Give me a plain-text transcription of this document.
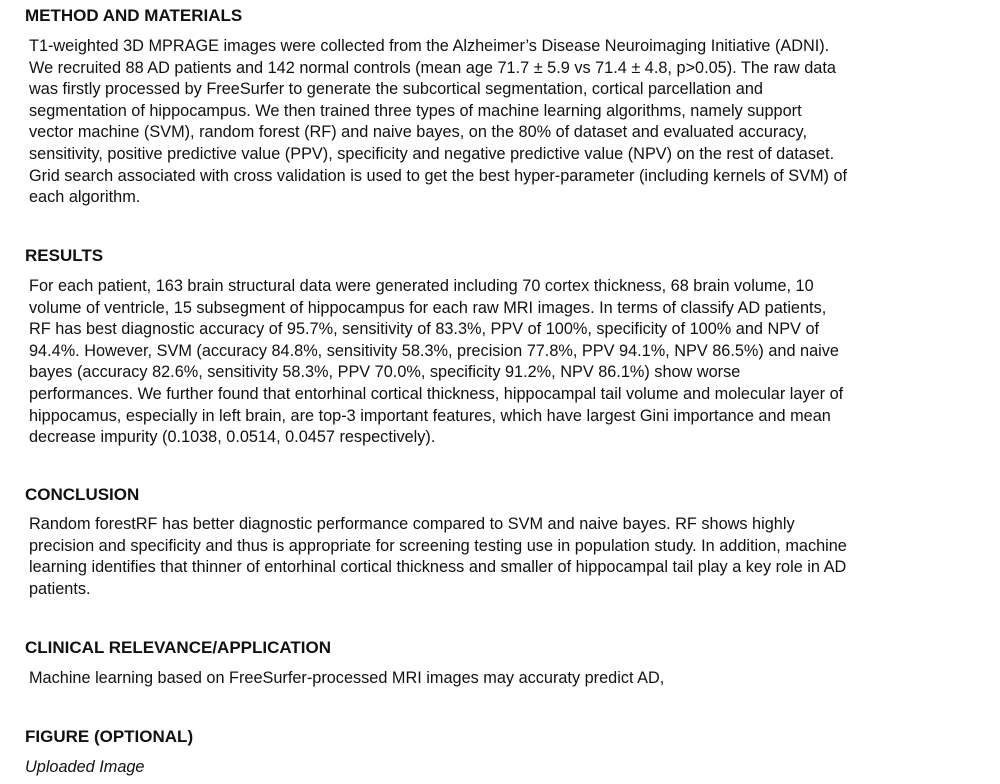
METHOD AND MATERIALS
T1-weighted 3D MPRAGE images were collected from the Alzheimer’s Disease Neuroimaging Initiative (ADNI).
We recruited 88 AD patients and 142 normal controls (mean age 71.7 ± 5.9 vs 71.4 ± 4.8, p>0.05). The raw data
was firstly processed by FreeSurfer to generate the subcortical segmentation, cortical parcellation and
segmentation of hippocampus. We then trained three types of machine learning algorithms, namely support
vector machine (SVM), random forest (RF) and naive bayes, on the 80% of dataset and evaluated accuracy,
sensitivity, positive predictive value (PPV), specificity and negative predictive value (NPV) on the rest of dataset.
Grid search associated with cross validation is used to get the best hyper-parameter (including kernels of SVM) of
each algorithm.
RESULTS
For each patient, 163 brain structural data were generated including 70 cortex thickness, 68 brain volume, 10
volume of ventricle, 15 subsegment of hippocampus for each raw MRI images. In terms of classify AD patients,
RF has best diagnostic accuracy of 95.7%, sensitivity of 83.3%, PPV of 100%, specificity of 100% and NPV of
94.4%. However, SVM (accuracy 84.8%, sensitivity 58.3%, precision 77.8%, PPV 94.1%, NPV 86.5%) and naive
bayes (accuracy 82.6%, sensitivity 58.3%, PPV 70.0%, specificity 91.2%, NPV 86.1%) show worse
performances. We further found that entorhinal cortical thickness, hippocampal tail volume and molecular layer of
hippocamus, especially in left brain, are top-3 important features, which have largest Gini importance and mean
decrease impurity (0.1038, 0.0514, 0.0457 respectively).
CONCLUSION
Random forestRF has better diagnostic performance compared to SVM and naive bayes. RF shows highly
precision and specificity and thus is appropriate for screening testing use in population study. In addition, machine
learning identifies that thinner of entorhinal cortical thickness and smaller of hippocampal tail play a key role in AD
patients.
CLINICAL RELEVANCE/APPLICATION
Machine learning based on FreeSurfer-processed MRI images may accuraty predict AD,
FIGURE (OPTIONAL)

Uploaded Image
